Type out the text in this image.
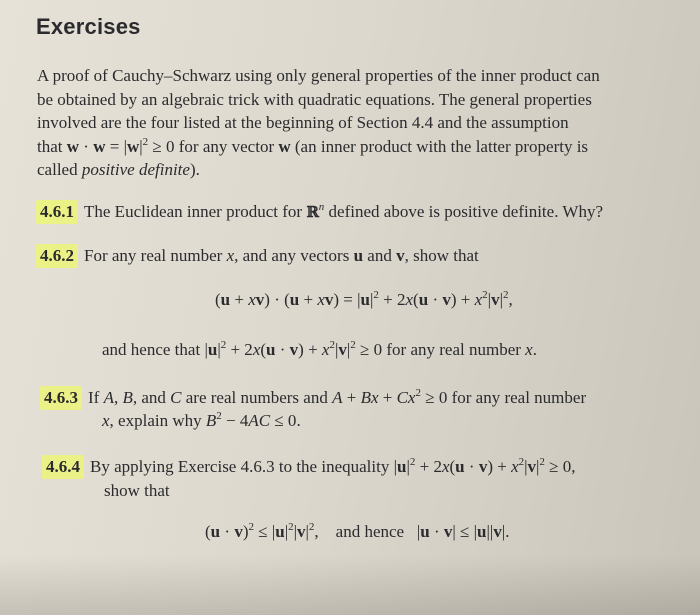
Exercises
A proof of Cauchy–Schwarz using only general properties of the inner product can
be obtained by an algebraic trick with quadratic equations. The general properties
involved are the four listed at the beginning of Section 4.4 and the assumption
that $w \cdot w = |w|^2 \ge 0$ for any vector w (an inner product with the latter property is
called positive definite).
4.6.1 The Euclidean inner product for ℝ$^n$ defined above is positive definite. Why?
4.6.2 For any real number x, and any vectors u and v, show that
$(u + xv) \cdot (u + xv) = |u|^2 + 2x(u \cdot v) + x^2|v|^2$,
and hence that $|u|^2 + 2x(u \cdot v) + x^2|v|^2 \ge 0$ for any real number x.
4.6.3 If A, B, and C are real numbers and $A + Bx + Cx^2 \ge 0$ for any real number
x, explain why $B^2 - 4AC \le 0$.
4.6.4 By applying Exercise 4.6.3 to the inequality $|u|^2 + 2x(u \cdot v) + x^2|v|^2 \ge 0$,
show that
$(u \cdot v)^2 \le |u|^2|v|^2$,    and hence   |u · v| ≤ |u||v|.
